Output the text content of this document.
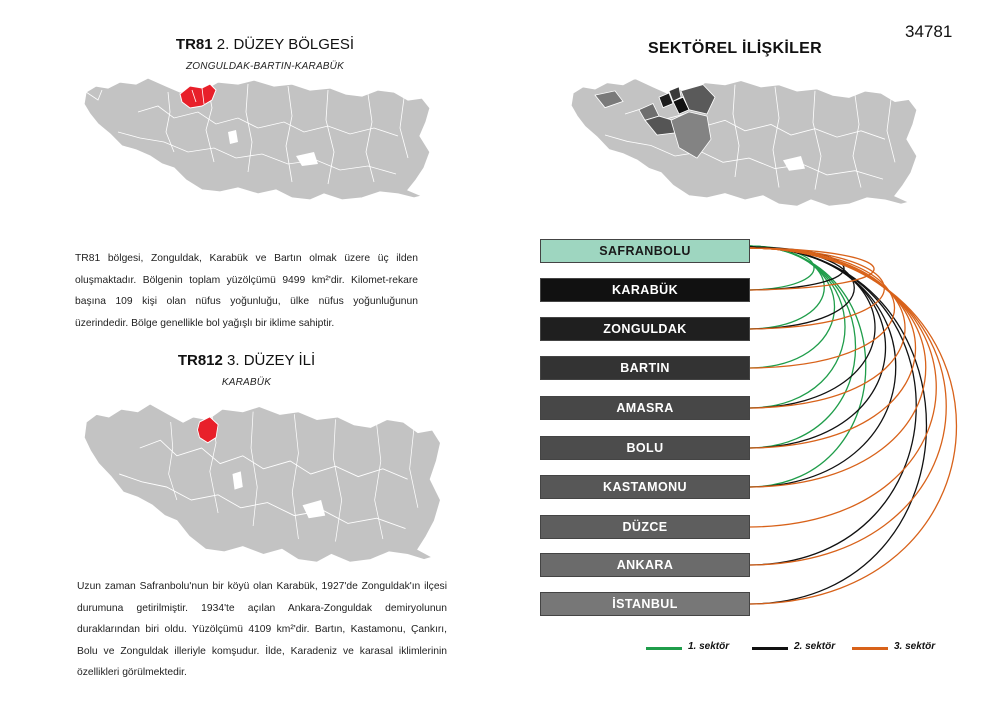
34781
TR81 2. DÜZEY BÖLGESİ
ZONGULDAK-BARTIN-KARABÜK
TR81 bölgesi, Zonguldak, Karabük ve Bartın olmak üzere üç ilden oluşmaktadır. Bölgenin toplam yüzölçümü 9499 km²'dir. Kilomet-rekare başına 109 kişi olan nüfus yoğunluğu, ülke nüfus yoğunluğunun üzerindedir. Bölge genellikle bol yağışlı bir iklime sahiptir.
TR812 3. DÜZEY İLİ
KARABÜK
Uzun zaman Safranbolu'nun bir köyü olan Karabük, 1927'de Zonguldak'ın ilçesi durumuna getirilmiştir. 1934'te açılan Ankara-Zonguldak demiryolunun duraklarından biri oldu. Yüzölçümü 4109 km²'dir. Bartın, Kastamonu, Çankırı, Bolu ve Zonguldak illeriyle komşudur. İlde, Karadeniz ve karasal iklimlerinin özellikleri görülmektedir.
SEKTÖREL İLİŞKİLER
SAFRANBOLU
KARABÜK
ZONGULDAK
BARTIN
AMASRA
BOLU
KASTAMONU
DÜZCE
ANKARA
İSTANBUL
1. sektör	2. sektör	3. sektör
